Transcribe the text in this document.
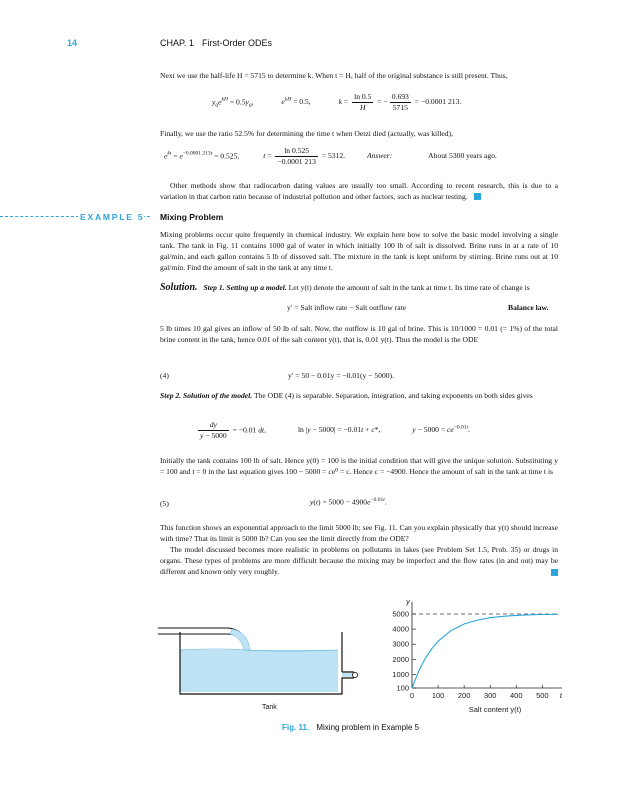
14	CHAP. 1 First-Order ODEs
Next we use the half-life H = 5715 to determine k. When t = H, half of the original substance is still present. Thus,
$y_0e^{kH} = 0.5y_0$,	$e^{kH} = 0.5$,	$k = \frac{\ln 0.5}{H}$ = − $\frac{0.693}{5715} = -0.0001$ 213.
Finally, we use the ratio 52.5% for determining the time t when Oetzi died (actually, was killed),
$e^{kt} = e^{-0.0001 213t} = 0.525$,	$t = \frac{\ln 0.525}{-0.0001 213} = 5312$.	Answer:	About 5300 years ago.
Other methods show that radiocarbon dating values are usually too small. According to recent research, this is due to a variation in that carbon ratio because of industrial pollution and other factors, such as nuclear testing.
EXAMPLE 5 Mixing Problem
Mixing problems occur quite frequently in chemical industry. We explain here how to solve the basic model involving a single tank. The tank in Fig. 11 contains 1000 gal of water in which initially 100 lb of salt is dissolved. Brine runs in at a rate of 10 gal/min, and each gallon contains 5 lb of dissoved salt. The mixture in the tank is kept uniform by stirring. Brine runs out at 10 gal/min. Find the amount of salt in the tank at any time t.
Solution. Step 1. Setting up a model. Let y(t) denote the amount of salt in the tank at time t. Its time rate of change is
y′ = Salt inflow rate − Salt outflow rate	Balance law.
5 lb times 10 gal gives an inflow of 50 lb of salt. Now, the outflow is 10 gal of brine. This is 10/1000 = 0.01 (= 1%) of the total brine content in the tank, hence 0.01 of the salt content y(t), that is, 0.01 y(t). Thus the model is the ODE
(4)	y′ = 50 − 0.01y = −0.01(y − 5000).
Step 2. Solution of the model. The ODE (4) is separable. Separation, integration, and taking exponents on both sides gives
$\frac{dy}{y - 5000} = -0.01$ dt,	ln |y − 5000| = −0.01t + c*,	$y - 5000 = ce^{-0.01t}$.
Initially the tank contains 100 lb of salt. Hence y(0) = 100 is the initial condition that will give the unique solution. Substituting y = 100 and t = 0 in the last equation gives 100 − 5000 = ce⁰ = c. Hence c = −4900. Hence the amount of salt in the tank at time t is
(5)	$y(t) = 5000 - 4900e^{-0.01t}$.
This function shows an exponential approach to the limit 5000 lb; see Fig. 11. Can you explain physically that y(t) should increase with time? That its limit is 5000 lb? Can you see the limit directly from the ODE?
The model discussed becomes more realistic in problems on pollutants in lakes (see Problem Set 1.5, Prob. 35) or drugs in organs. These types of problems are more difficult because the mixing may be imperfect and the flow rates (in and out) may be different and known only very roughly.
Tank
0 100 200 300 400 500
100
1000
2000
3000
4000
5000
t
y
Salt content y(t)
Fig. 11. Mixing problem in Example 5
